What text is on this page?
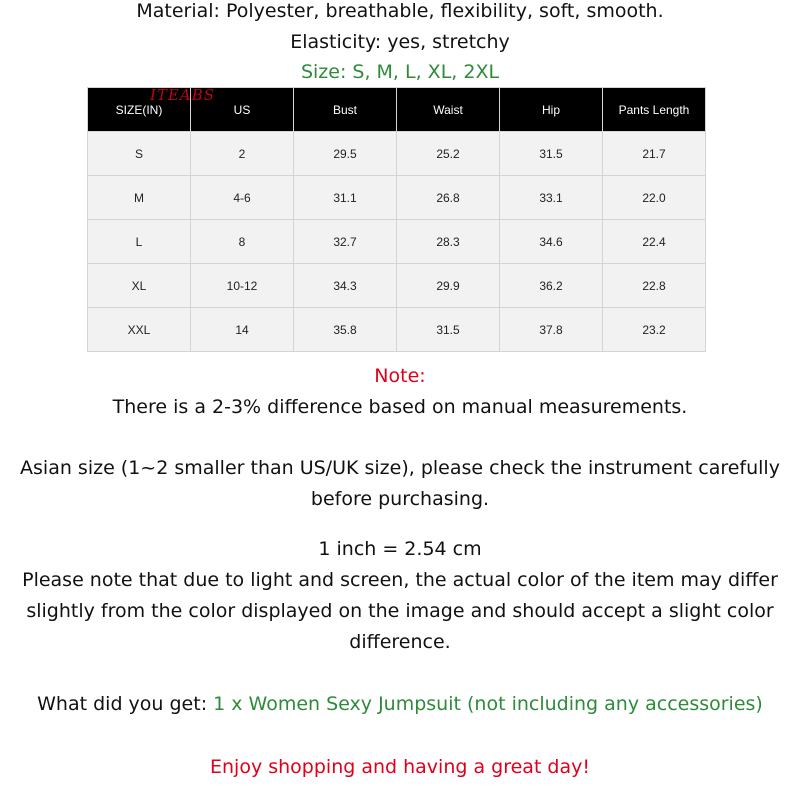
Material: Polyester, breathable, flexibility, soft, smooth.
Elasticity: yes, stretchy
Size: S, M, L, XL, 2XL
SIZE(IN)	US	Bust	Waist	Hip	Pants Length
S	2	29.5	25.2	31.5	21.7
M	4-6	31.1	26.8	33.1	22.0
L	8	32.7	28.3	34.6	22.4
XL	10-12	34.3	29.9	36.2	22.8
XXL	14	35.8	31.5	37.8	23.2
ITEABS
Note:
There is a 2-3% difference based on manual measurements.
Asian size (1~2 smaller than US/UK size), please check the instrument carefully before purchasing.
1 inch = 2.54 cm
Please note that due to light and screen, the actual color of the item may differ slightly from the color displayed on the image and should accept a slight color difference.
What did you get: 1 x Women Sexy Jumpsuit (not including any accessories)
Enjoy shopping and having a great day!
